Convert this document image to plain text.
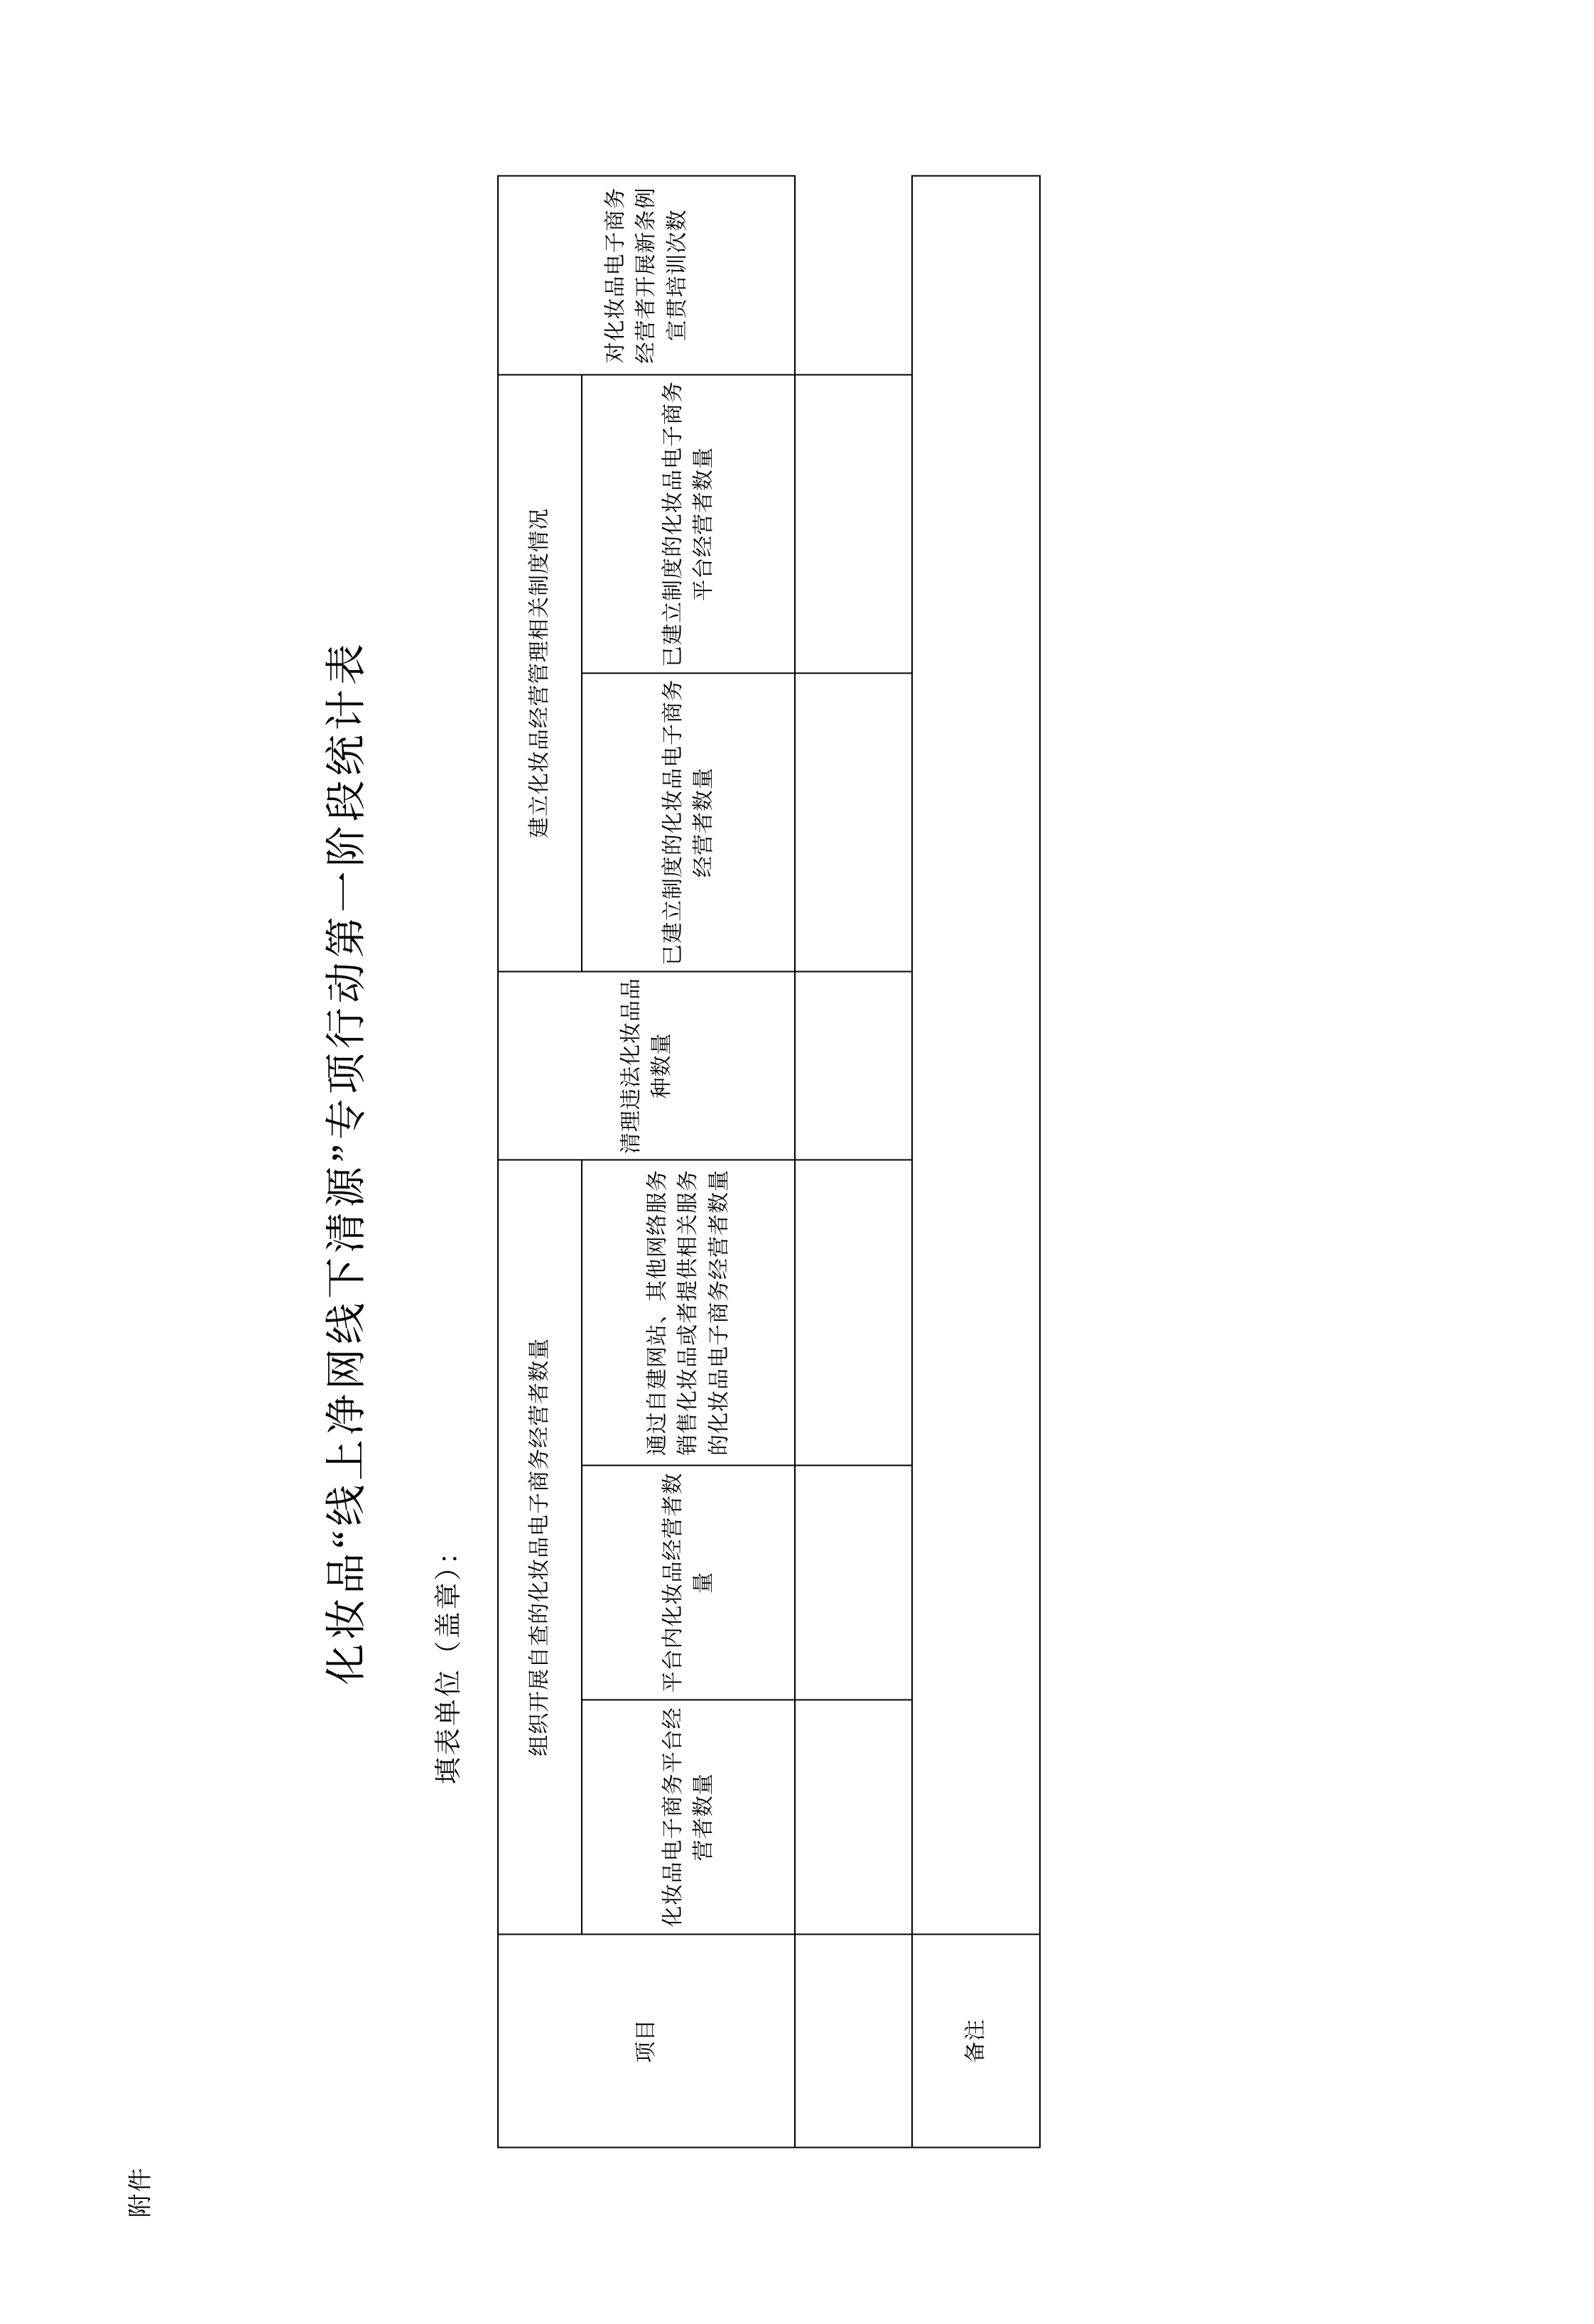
附件
化妆品“线上净网线下清源”专项行动第一阶段统计表 填表单位（盖章）：
项目	组织开展自查的化妆品电子商务经营者数量			清理违法化妆品品种数量	建立化妆品经营管理相关制度情况		对化妆品电子商务经营者开展新条例宣贯培训次数
	化妆品电子商务平台经营者数量	平台内化妆品经营者数量	通过自建网站、其他网络服务销售化妆品或者提供相关服务的化妆品电子商务经营者数量		已建立制度的化妆品电子商务经营者数量	已建立制度的化妆品电子商务平台经营者数量	

备注							
